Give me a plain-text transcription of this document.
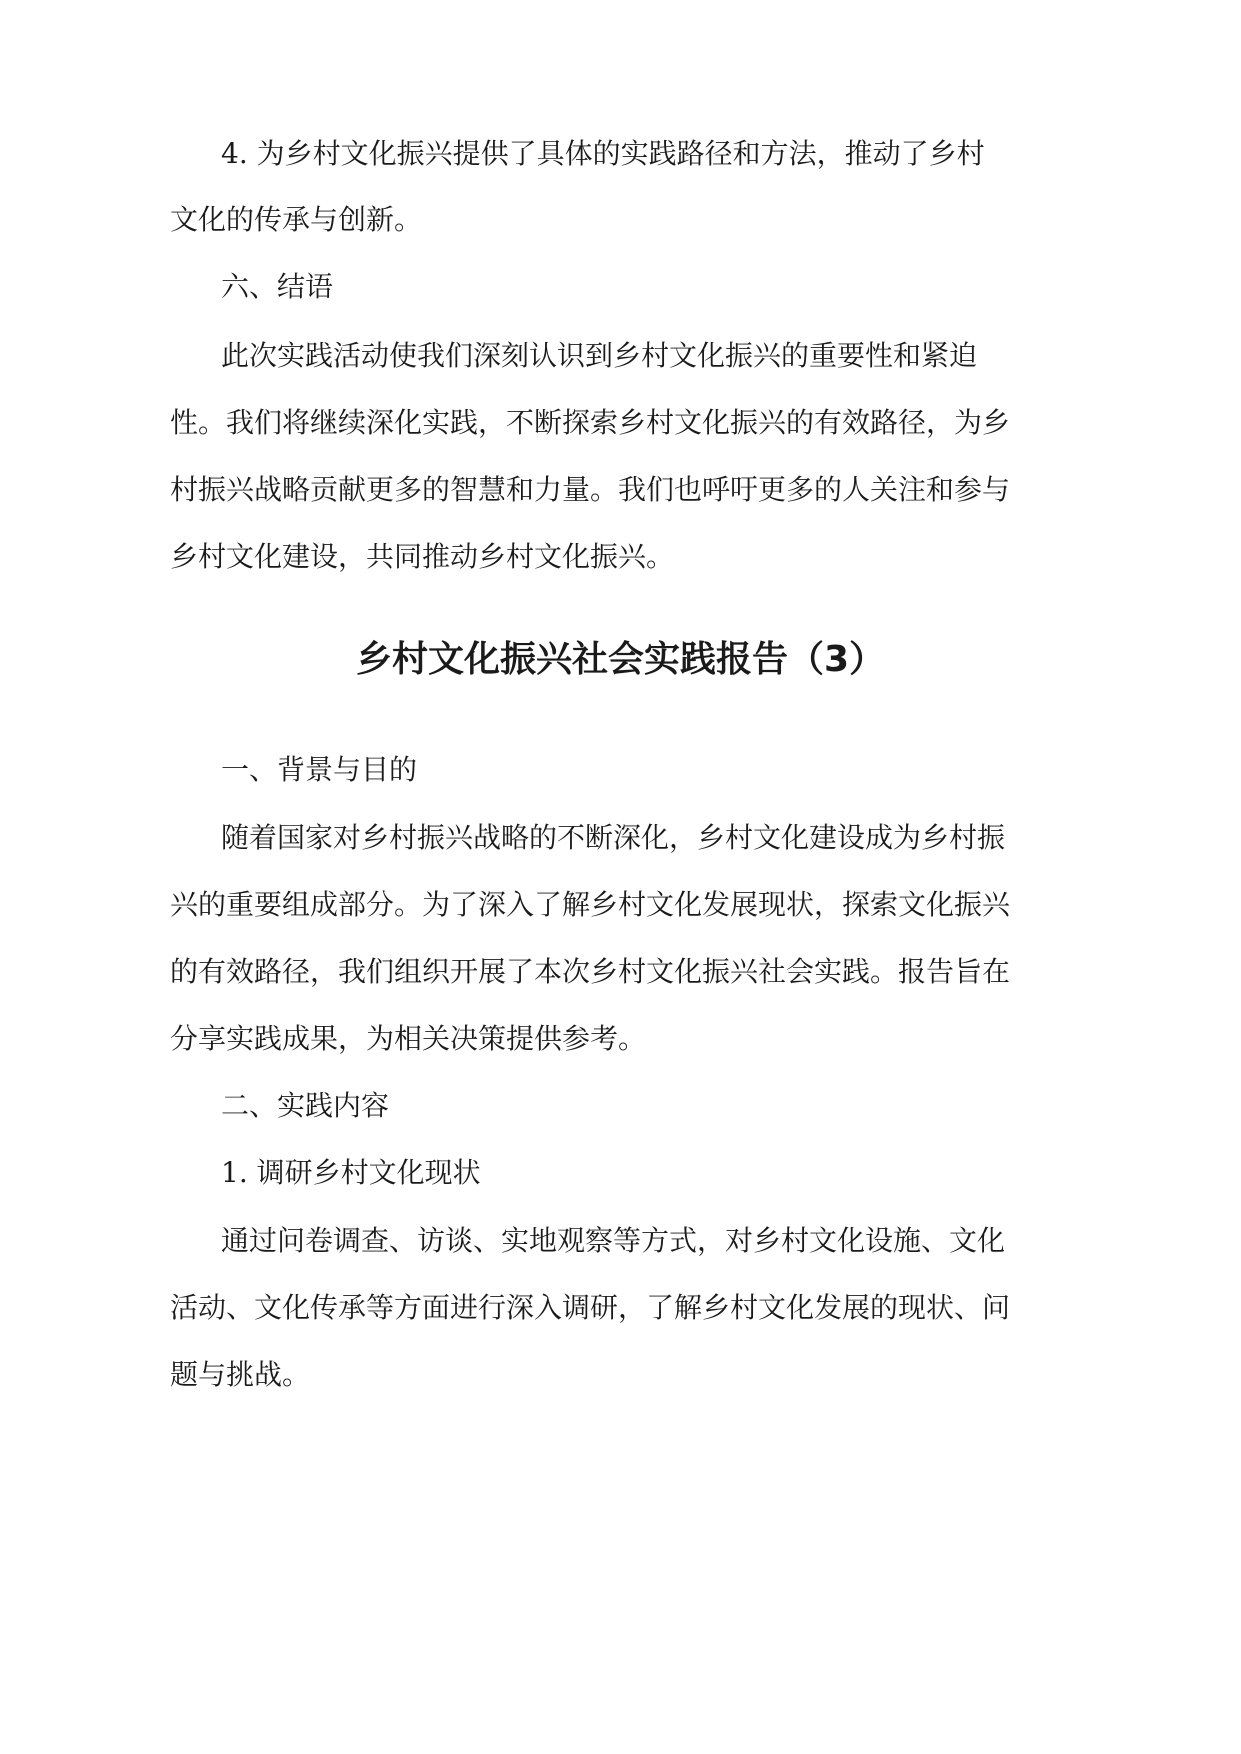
4. 为乡村文化振兴提供了具体的实践路径和方法，推动了乡村
文化的传承与创新。
六、结语
此次实践活动使我们深刻认识到乡村文化振兴的重要性和紧迫
性。我们将继续深化实践，不断探索乡村文化振兴的有效路径，为乡
村振兴战略贡献更多的智慧和力量。我们也呼吁更多的人关注和参与
乡村文化建设，共同推动乡村文化振兴。
乡村文化振兴社会实践报告（3）
一、背景与目的
随着国家对乡村振兴战略的不断深化，乡村文化建设成为乡村振
兴的重要组成部分。为了深入了解乡村文化发展现状，探索文化振兴
的有效路径，我们组织开展了本次乡村文化振兴社会实践。报告旨在
分享实践成果，为相关决策提供参考。
二、实践内容
1. 调研乡村文化现状
通过问卷调查、访谈、实地观察等方式，对乡村文化设施、文化
活动、文化传承等方面进行深入调研，了解乡村文化发展的现状、问
题与挑战。
